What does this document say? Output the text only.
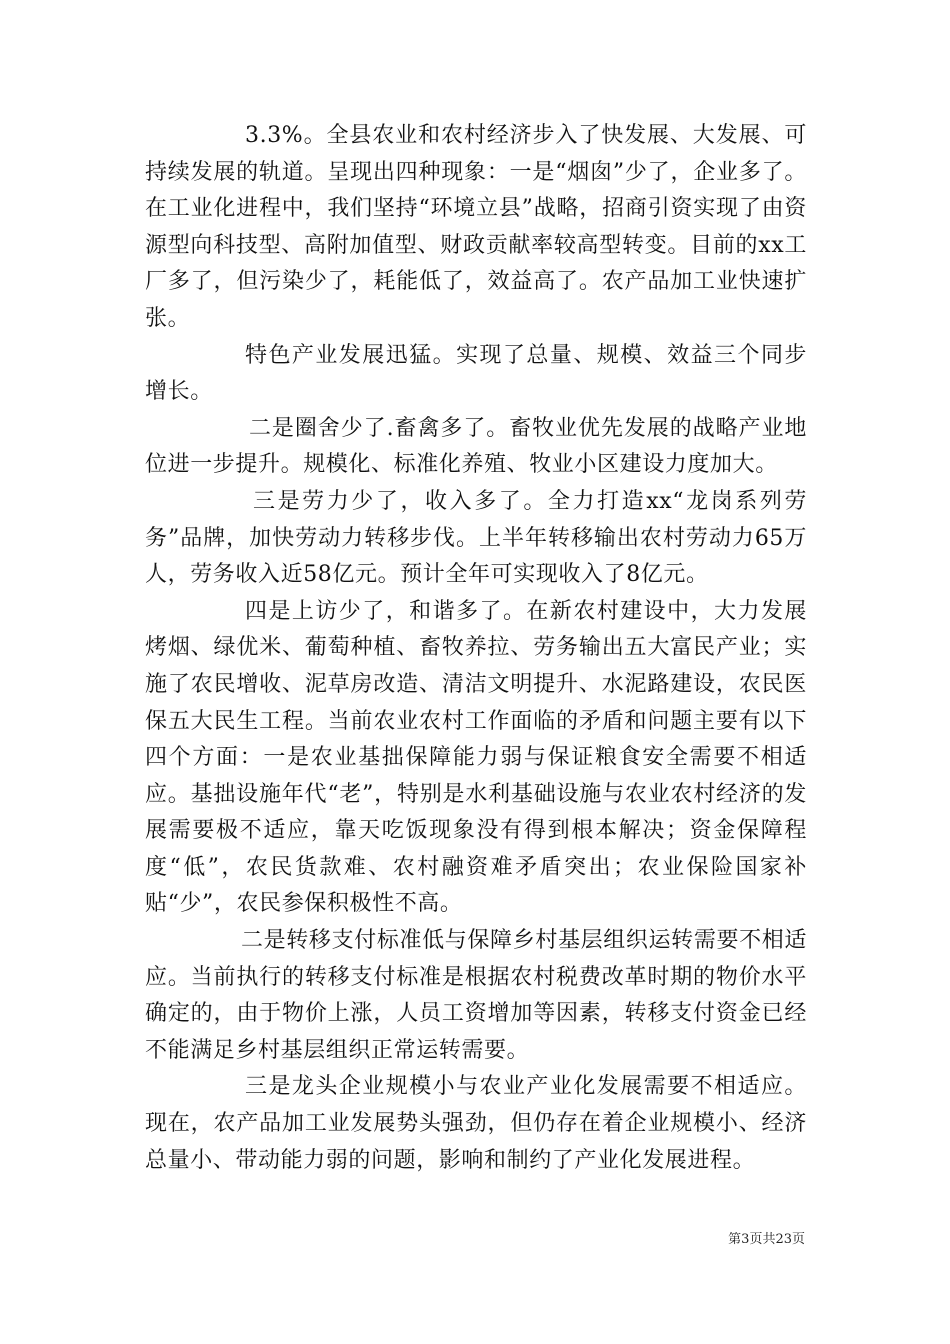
3.3%。全县农业和农村经济步入了快发展、大发展、可持续发展的轨道。呈现出四种现象：一是“烟囱”少了，企业多了。在工业化进程中，我们坚持“环境立县”战略，招商引资实现了由资源型向科技型、高附加值型、财政贡献率较高型转变。目前的xx工厂多了，但污染少了，耗能低了，效益高了。农产品加工业快速扩张。

特色产业发展迅猛。实现了总量、规模、效益三个同步增长。

二是圈舍少了.畜禽多了。畜牧业优先发展的战略产业地位进一步提升。规模化、标准化养殖、牧业小区建设力度加大。

三是劳力少了，收入多了。全力打造xx“龙岗系列劳务”品牌，加快劳动力转移步伐。上半年转移输出农村劳动力65万人，劳务收入近58亿元。预计全年可实现收入了8亿元。

四是上访少了，和谐多了。在新农村建设中，大力发展烤烟、绿优米、葡萄种植、畜牧养拉、劳务输出五大富民产业；实施了农民增收、泥草房改造、清洁文明提升、水泥路建设，农民医保五大民生工程。当前农业农村工作面临的矛盾和问题主要有以下四个方面：一是农业基拙保障能力弱与保证粮食安全需要不相适应。基拙设施年代“老”，特别是水利基础设施与农业农村经济的发展需要极不适应，靠天吃饭现象没有得到根本解决；资金保障程度“低”，农民货款难、农村融资难矛盾突出；农业保险国家补贴“少”，农民参保积极性不高。

二是转移支付标准低与保障乡村基层组织运转需要不相适应。当前执行的转移支付标准是根据农村税费改革时期的物价水平确定的，由于物价上涨，人员工资增加等因素，转移支付资金已经不能满足乡村基层组织正常运转需要。

三是龙头企业规模小与农业产业化发展需要不相适应。现在，农产品加工业发展势头强劲，但仍存在着企业规模小、经济总量小、带动能力弱的问题，影响和制约了产业化发展进程。

第3页共23页
